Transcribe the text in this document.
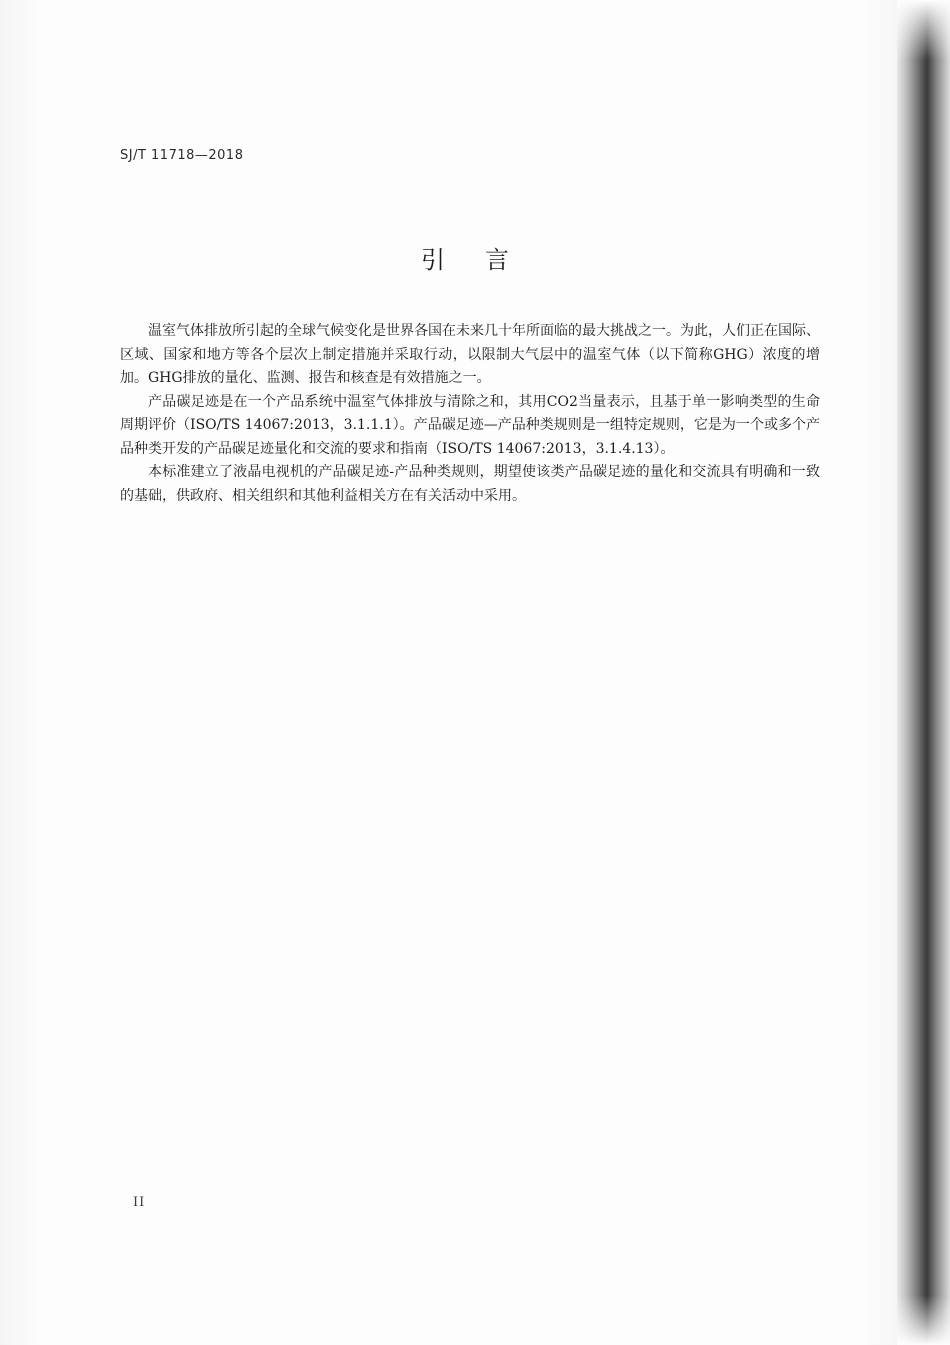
SJ/T 11718—2018
引言

温室气体排放所引起的全球气候变化是世界各国在未来几十年所面临的最大挑战之一。为此，人们正在国际、区域、国家和地方等各个层次上制定措施并采取行动，以限制大气层中的温室气体（以下简称GHG）浓度的增加。GHG排放的量化、监测、报告和核查是有效措施之一。

产品碳足迹是在一个产品系统中温室气体排放与清除之和，其用CO2当量表示，且基于单一影响类型的生命周期评价（ISO/TS 14067:2013，3.1.1.1）。产品碳足迹—产品种类规则是一组特定规则，它是为一个或多个产品种类开发的产品碳足迹量化和交流的要求和指南（ISO/TS 14067:2013，3.1.4.13）。

本标准建立了液晶电视机的产品碳足迹-产品种类规则，期望使该类产品碳足迹的量化和交流具有明确和一致的基础，供政府、相关组织和其他利益相关方在有关活动中采用。

II
